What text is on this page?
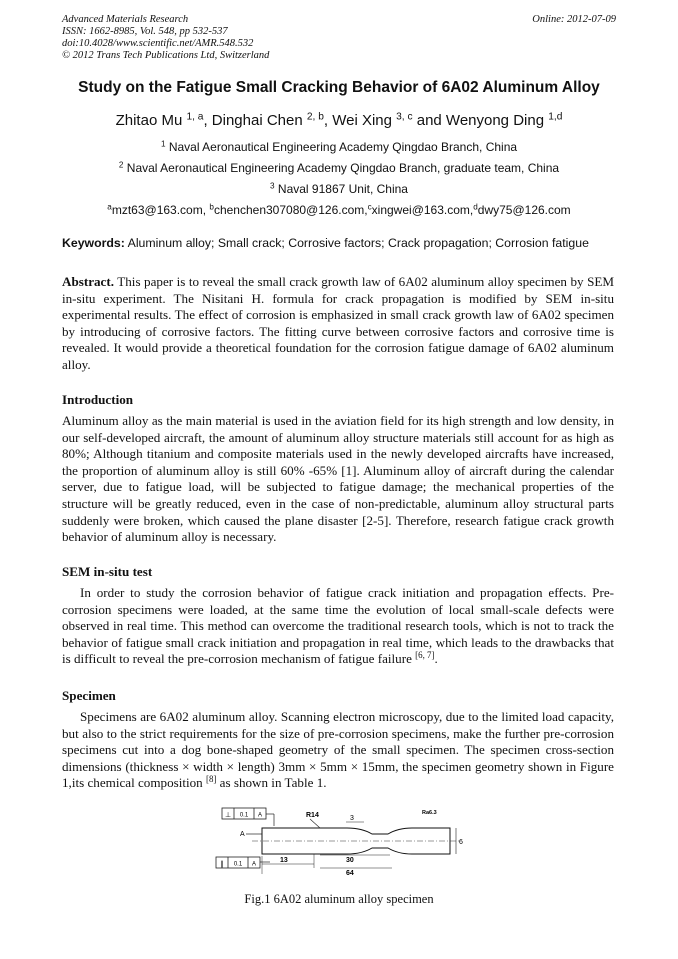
Advanced Materials Research
ISSN: 1662-8985, Vol. 548, pp 532-537
doi:10.4028/www.scientific.net/AMR.548.532
© 2012 Trans Tech Publications Ltd, Switzerland
Online: 2012-07-09
Study on the Fatigue Small Cracking Behavior of 6A02 Aluminum Alloy
Zhitao Mu $^{1, a}$, Dinghai Chen $^{2, b}$, Wei Xing $^{3, c}$ and Wenyong Ding $^{1,d}$
$^1$ Naval Aeronautical Engineering Academy Qingdao Branch, China
$^2$ Naval Aeronautical Engineering Academy Qingdao Branch, graduate team, China
$^3$ Naval 91867 Unit, China
$^a$mzt63@163.com, $^b$chenchen307080@126.com,$^c$xingwei@163.com,$^d$dwy75@126.com
Keywords: Aluminum alloy; Small crack; Corrosive factors; Crack propagation; Corrosion fatigue
Abstract. This paper is to reveal the small crack growth law of 6A02 aluminum alloy specimen by SEM in-situ experiment. The Nisitani H. formula for crack propagation is modified by SEM in-situ experimental results. The effect of corrosion is emphasized in small crack growth law of 6A02 specimen by introducing of corrosive factors. The fitting curve between corrosive factors and corrosive time is revealed. It would provide a theoretical foundation for the corrosion fatigue damage of 6A02 aluminum alloy.
Introduction
Aluminum alloy as the main material is used in the aviation field for its high strength and low density, in our self-developed aircraft, the amount of aluminum alloy structure materials still account for as high as 80%; Although titanium and composite materials used in the newly developed aircrafts have increased, the proportion of aluminum alloy is still 60% -65% [1]. Aluminum alloy of aircraft during the calendar server, due to fatigue load, will be subjected to fatigue damage; the mechanical properties of the structure will be greatly reduced, even in the case of non-predictable, aluminum alloy structural parts suddenly were broken, which caused the plane disaster [2-5]. Therefore, research fatigue crack growth behavior of aluminum alloy is necessary.
SEM in-situ test
In order to study the corrosion behavior of fatigue crack initiation and propagation effects. Pre-corrosion specimens were loaded, at the same time the evolution of local small-scale defects were observed in real time. This method can overcome the traditional research tools, which is not to track the behavior of fatigue small crack initiation and propagation in real time, which leads to the drawbacks that is difficult to reveal the pre-corrosion mechanism of fatigue failure [6, 7].
Specimen
Specimens are 6A02 aluminum alloy. Scanning electron microscopy, due to the limited load capacity, but also to the strict requirements for the size of pre-corrosion specimens, make the further pre-corrosion specimens cut into a dog bone-shaped geometry of the small specimen. The specimen cross-section dimensions (thickness × width × length) 3mm × 5mm × 15mm, the specimen geometry shown in Figure 1,its chemical composition [8] as shown in Table 1.
⊥ 0.1 A
∥ 0.1 A
A
R14	3
Ra6.3
6
13	30
64
Fig.1 6A02 aluminum alloy specimen
